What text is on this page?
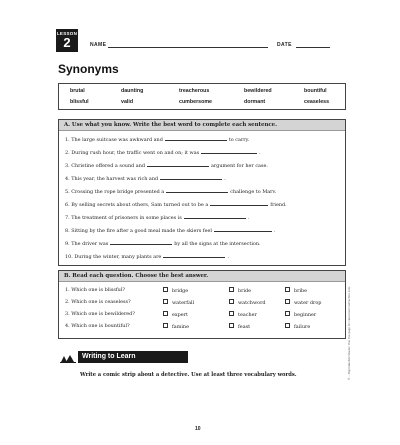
LESSON
2	NAME	DATE
Synonyms
brutal	daunting	treacherous	bewildered	bountiful
blissful	valid	cumbersome	dormant	ceaseless
A. Use what you know. Write the best word to complete each sentence.
1. The large suitcase was awkward and	to carry.
2. During rush hour, the traffic went on and on; it was	.
3. Christine offered a sound and	argument for her case.
4. This year, the harvest was rich and	.
5. Crossing the rope bridge presented a	challenge to Marv.
6. By selling secrets about others, Sam turned out to be a	friend.
7. The treatment of prisoners in some places is	.
8. Sitting by the fire after a good meal made the skiers feel	.
9. The driver was	by all the signs at the intersection.
10. During the winter, many plants are	.
B. Read each question. Choose the best answer.
1. Which one is blissful?	bridge	bride	bribe
2. Which one is ceaseless?	waterfall	watchword	water drop
3. Which one is bewildered?	expert	teacher	beginner
4. Which one is bountiful?	famine	feast	failure
Writing to Learn
Write a comic strip about a detective. Use at least three vocabulary words.
10
© ...Reproducible Master. Use this page for classroom instruction only.
